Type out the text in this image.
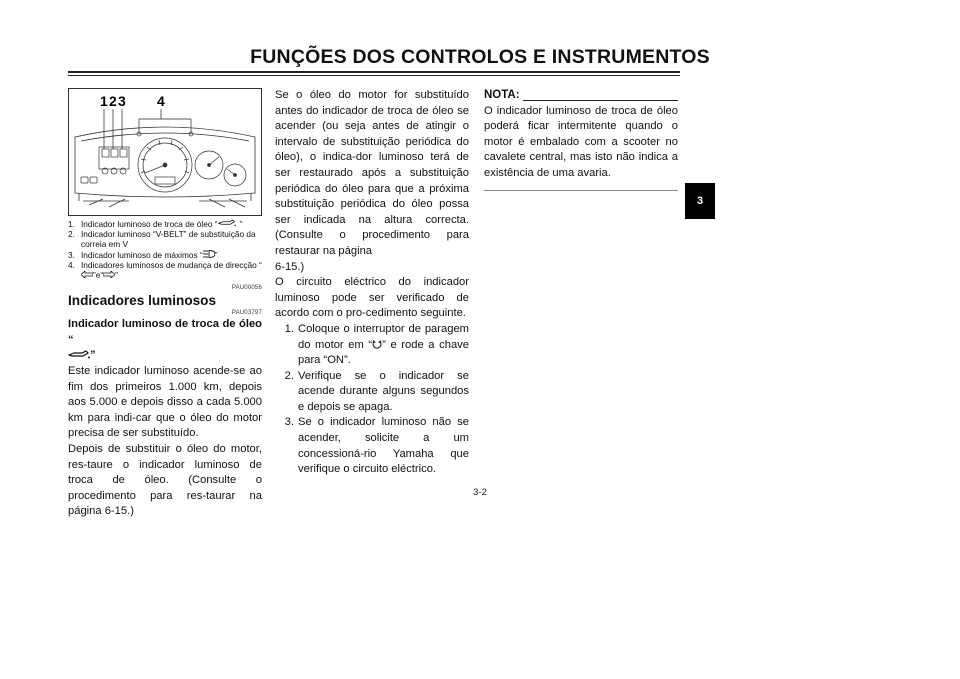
FUNÇÕES DOS CONTROLOS E INSTRUMENTOS
3
1 2 3 4
1. Indicador luminoso de troca de óleo “	”
2. Indicador luminoso “V-BELT” de substituição da correia em V
3. Indicador luminoso de máximos “ ”
4. Indicadores luminosos de mudança de direcção “”e“ ”
PAU00056
Indicadores luminosos
PAU03797
Indicador luminoso de troca de óleo “

”
Este indicador luminoso acende-se ao fim dos primeiros 1.000 km, depois aos 5.000 e depois disso a cada 5.000 km para indi-car que o óleo do motor precisa de ser substituído.
Depois de substituir o óleo do motor, res-taure o indicador luminoso de troca de óleo. (Consulte o procedimento para res-taurar na página 6-15.)
Se o óleo do motor for substituído antes do indicador de troca de óleo se acender (ou seja antes de atingir o intervalo de substituição periódica do óleo), o indica-dor luminoso terá de ser restaurado após a substituição periódica do óleo para que a próxima substituição periódica do óleo possa ser indicada na altura correcta. (Consulte o procedimento para restaurar na página
6-15.)
O circuito eléctrico do indicador luminoso pode ser verificado de acordo com o pro-cedimento seguinte.
1. Coloque o interruptor de paragem do motor em “ ” e rode a chave para “ON”.
2. Verifique se o indicador se acende durante alguns segundos e depois se apaga.
3. Se o indicador luminoso não se acender, solicite a um concessioná-rio Yamaha que verifique o circuito eléctrico.
NOTA:
O indicador luminoso de troca de óleo poderá ficar intermitente quando o motor é embalado com a scooter no cavalete central, mas isto não indica a existência de uma avaria.
3-2
